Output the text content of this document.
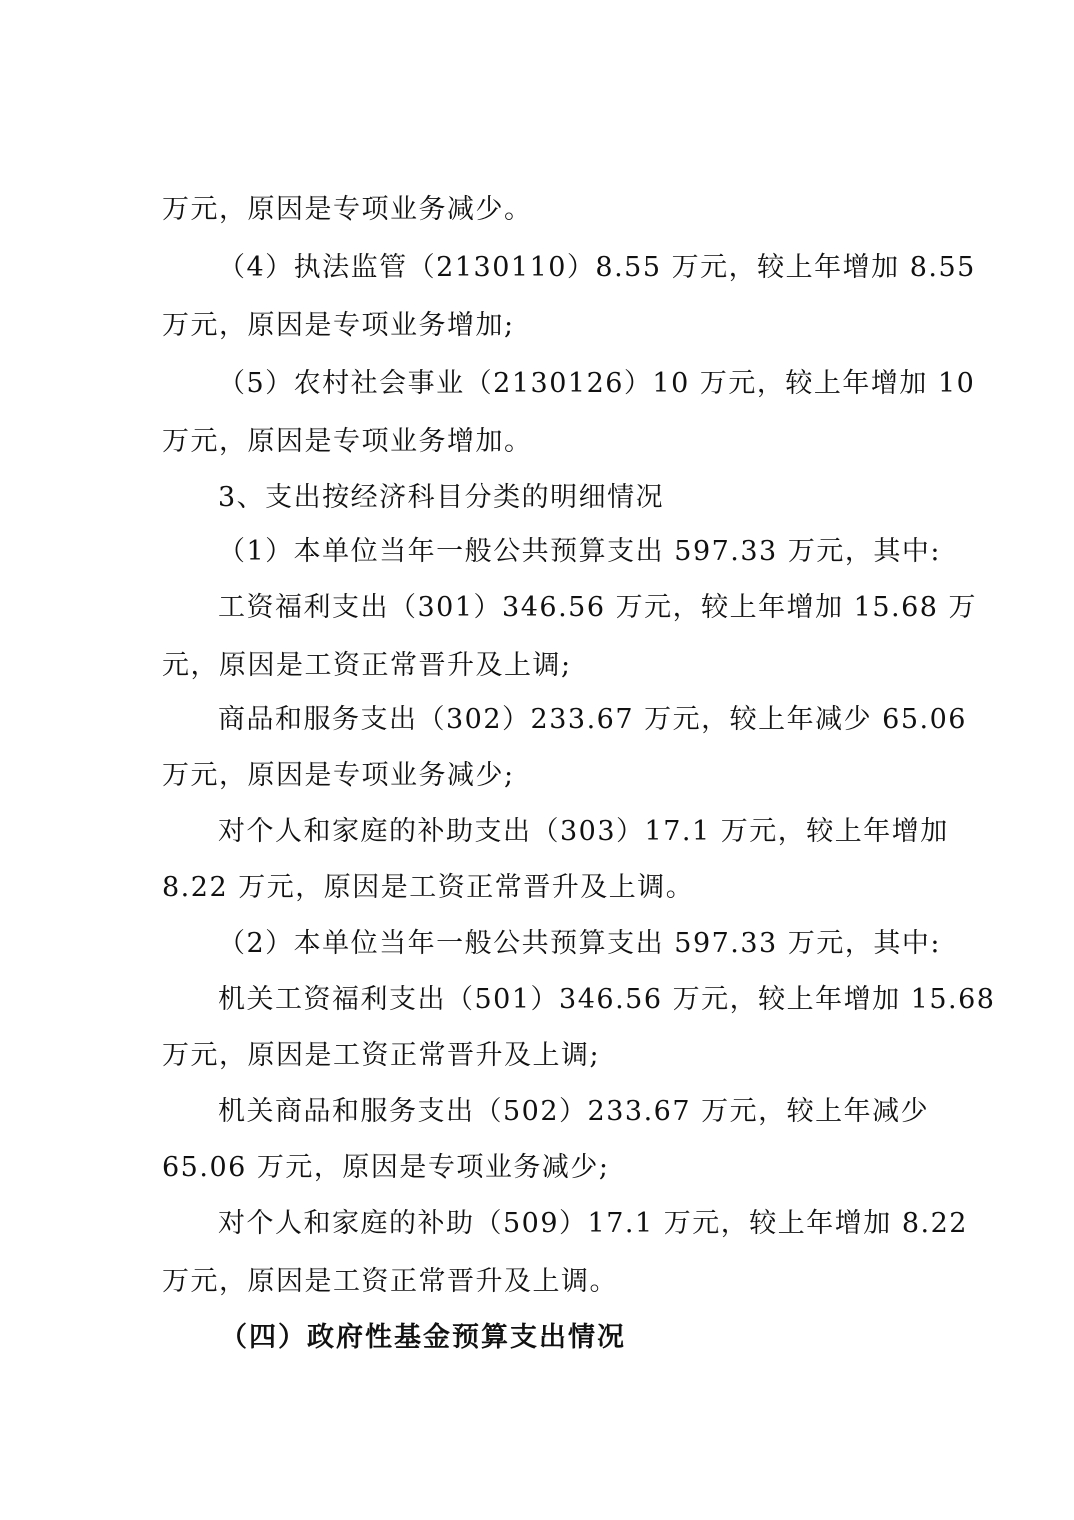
万元，原因是专项业务减少。
（4）执法监管（2130110）8.55 万元，较上年增加 8.55
万元，原因是专项业务增加;
（5）农村社会事业（2130126）10 万元，较上年增加 10
万元，原因是专项业务增加。
3、支出按经济科目分类的明细情况
（1）本单位当年一般公共预算支出 597.33 万元，其中:
工资福利支出（301）346.56 万元，较上年增加 15.68 万
元，原因是工资正常晋升及上调;
商品和服务支出（302）233.67 万元，较上年减少 65.06
万元，原因是专项业务减少;
对个人和家庭的补助支出（303）17.1 万元，较上年增加
8.22 万元，原因是工资正常晋升及上调。
（2）本单位当年一般公共预算支出 597.33 万元，其中:
机关工资福利支出（501）346.56 万元，较上年增加 15.68
万元，原因是工资正常晋升及上调;
机关商品和服务支出（502）233.67 万元，较上年减少
65.06 万元，原因是专项业务减少;
对个人和家庭的补助（509）17.1 万元，较上年增加 8.22
万元，原因是工资正常晋升及上调。
（四）政府性基金预算支出情况
